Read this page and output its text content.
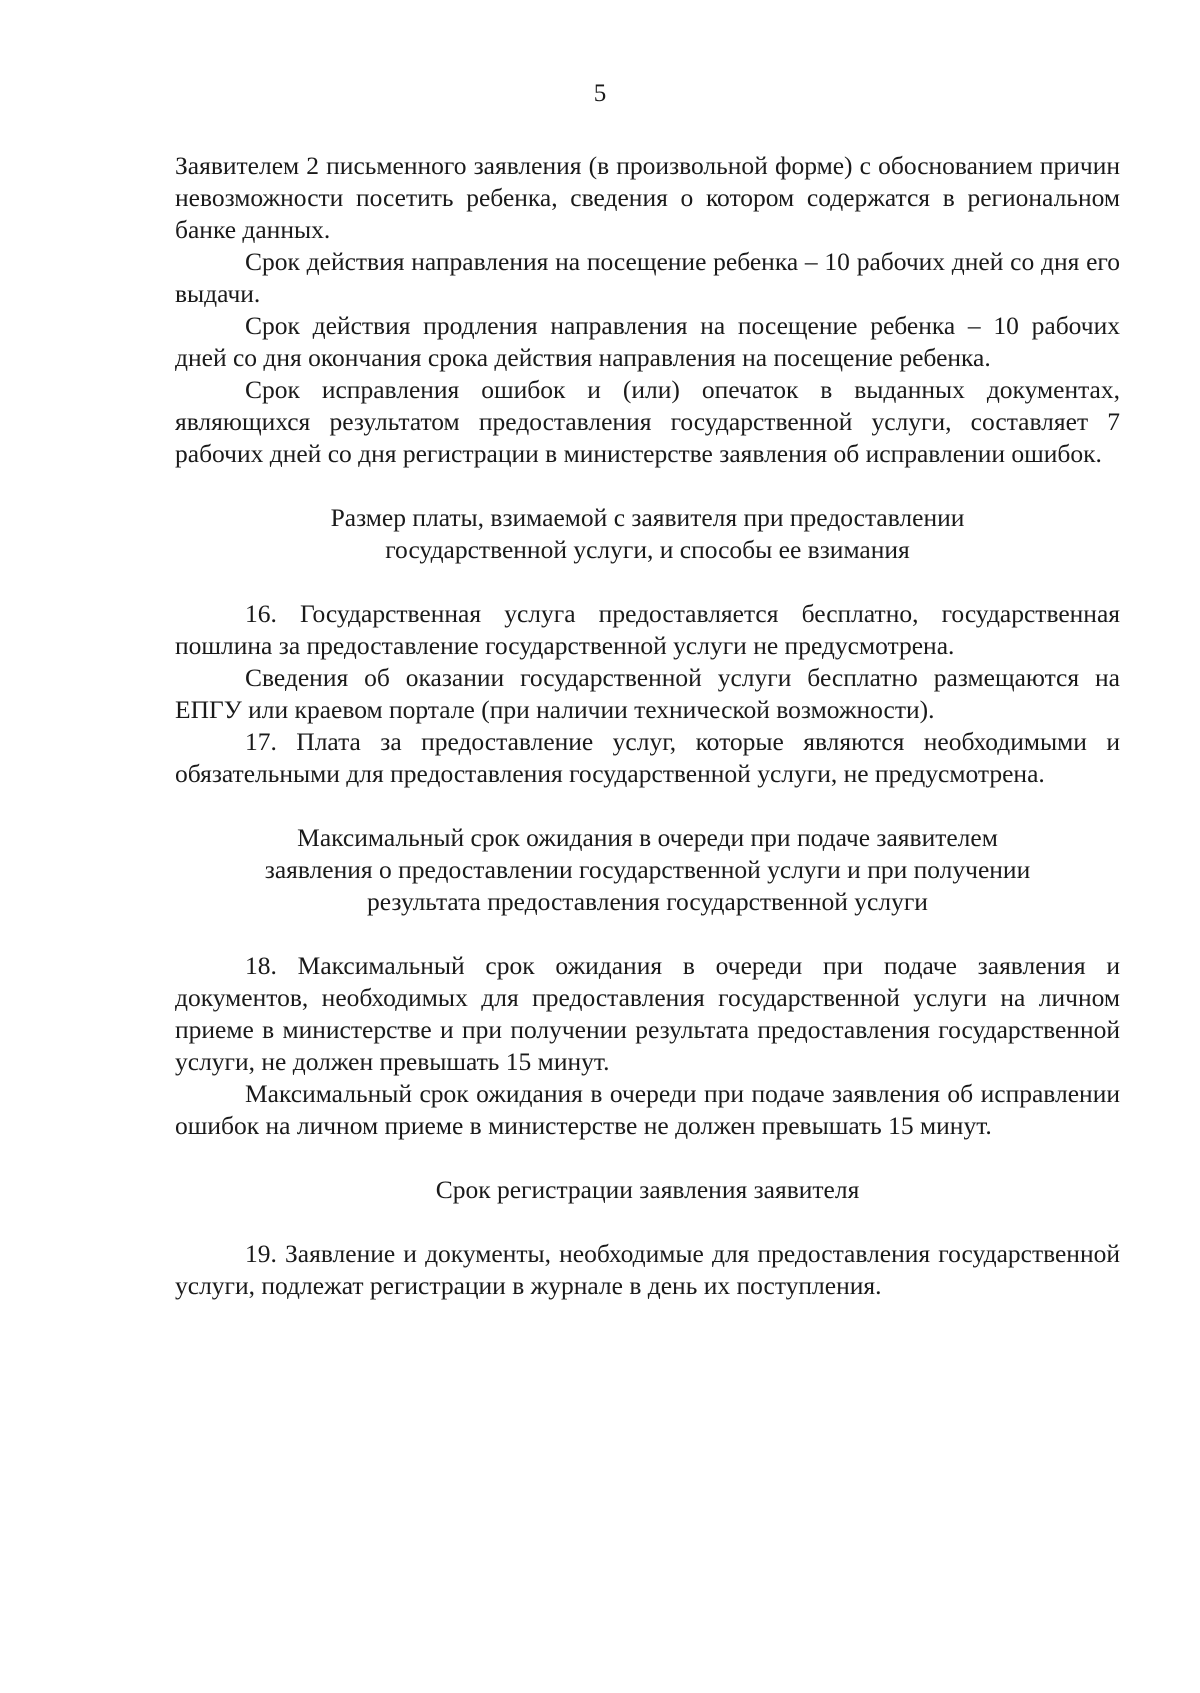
5

Заявителем 2 письменного заявления (в произвольной форме) с обоснованием причин невозможности посетить ребенка, сведения о котором содержатся в региональном банке данных.

Срок действия направления на посещение ребенка – 10 рабочих дней со дня его выдачи.

Срок действия продления направления на посещение ребенка – 10 рабочих дней со дня окончания срока действия направления на посещение ребенка.

Срок исправления ошибок и (или) опечаток в выданных документах, являющихся результатом предоставления государственной услуги, составляет 7 рабочих дней со дня регистрации в министерстве заявления об исправлении ошибок.

Размер платы, взимаемой с заявителя при предоставлении
государственной услуги, и способы ее взимания

16. Государственная услуга предоставляется бесплатно, государственная пошлина за предоставление государственной услуги не предусмотрена.

Сведения об оказании государственной услуги бесплатно размещаются на ЕПГУ или краевом портале (при наличии технической возможности).

17. Плата за предоставление услуг, которые являются необходимыми и обязательными для предоставления государственной услуги, не предусмотрена.

Максимальный срок ожидания в очереди при подаче заявителем
заявления о предоставлении государственной услуги и при получении
результата предоставления государственной услуги

18. Максимальный срок ожидания в очереди при подаче заявления и документов, необходимых для предоставления государственной услуги на личном приеме в министерстве и при получении результата предоставления государственной услуги, не должен превышать 15 минут.

Максимальный срок ожидания в очереди при подаче заявления об исправлении ошибок на личном приеме в министерстве не должен превышать 15 минут.

Срок регистрации заявления заявителя

19. Заявление и документы, необходимые для предоставления государственной услуги, подлежат регистрации в журнале в день их поступления.
